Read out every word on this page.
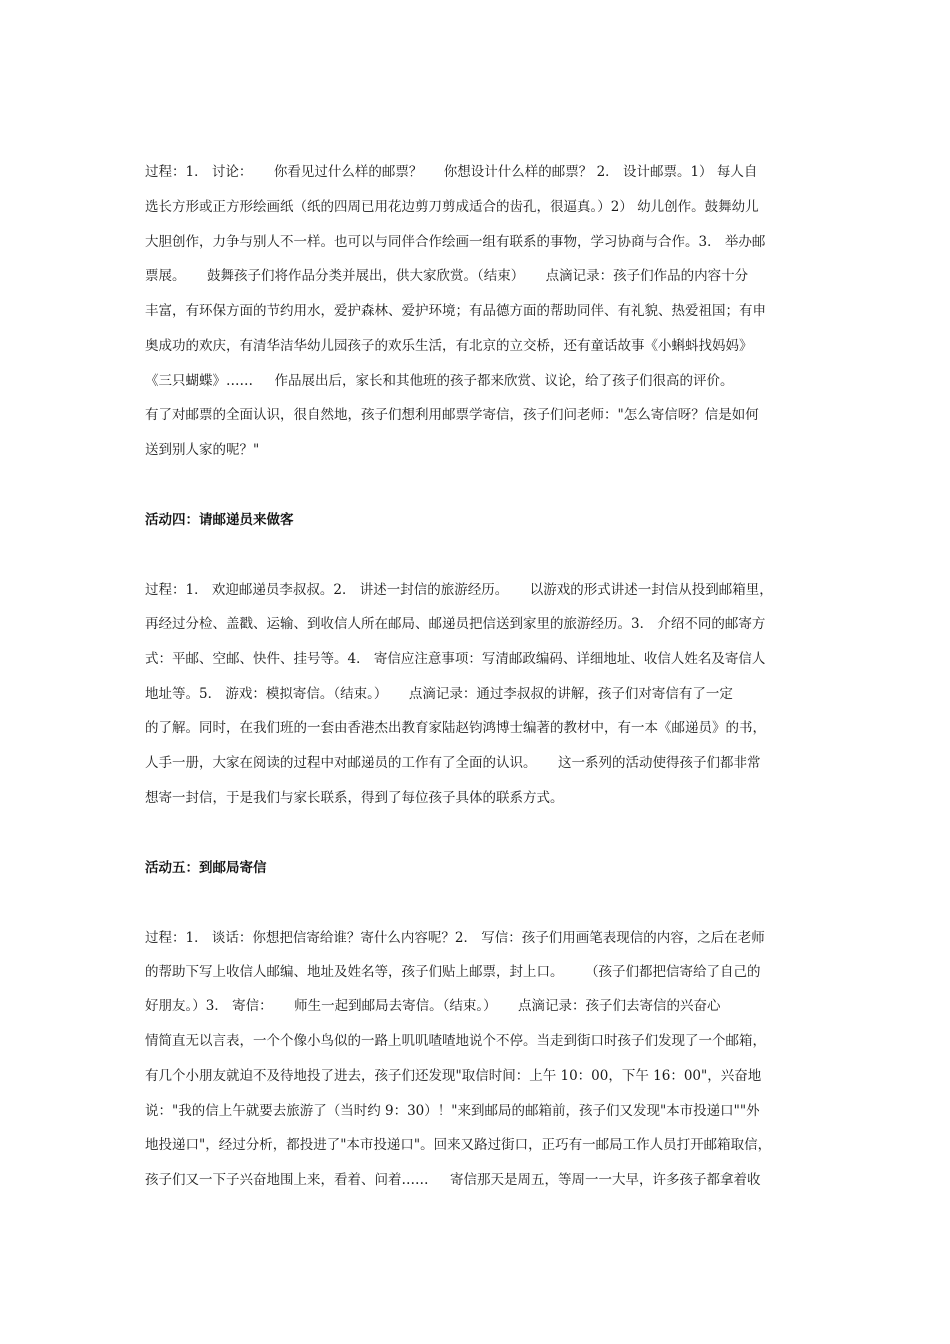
过程：1． 讨论：     你看见过什么样的邮票？     你想设计什么样的邮票？ 2． 设计邮票。1） 每人自
选长方形或正方形绘画纸（纸的四周已用花边剪刀剪成适合的齿孔，很逼真。）2） 幼儿创作。鼓舞幼儿
大胆创作，力争与别人不一样。也可以与同伴合作绘画一组有联系的事物，学习协商与合作。3． 举办邮
票展。     鼓舞孩子们将作品分类并展出，供大家欣赏。（结束）     点滴记录：孩子们作品的内容十分
丰富，有环保方面的节约用水，爱护森林、爱护环境；有品德方面的帮助同伴、有礼貌、热爱祖国；有申
奥成功的欢庆，有清华洁华幼儿园孩子的欢乐生活，有北京的立交桥，还有童话故事《小蝌蚪找妈妈》
《三只蝴蝶》……     作品展出后，家长和其他班的孩子都来欣赏、议论，给了孩子们很高的评价。
有了对邮票的全面认识，很自然地，孩子们想利用邮票学寄信，孩子们问老师："怎么寄信呀？信是如何
送到别人家的呢？"
活动四：请邮递员来做客
过程：1． 欢迎邮递员李叔叔。2． 讲述一封信的旅游经历。     以游戏的形式讲述一封信从投到邮箱里，
再经过分检、盖戳、运输、到收信人所在邮局、邮递员把信送到家里的旅游经历。3． 介绍不同的邮寄方
式：平邮、空邮、快件、挂号等。4． 寄信应注意事项：写清邮政编码、详细地址、收信人姓名及寄信人
地址等。5． 游戏：模拟寄信。（结束。）     点滴记录：通过李叔叔的讲解，孩子们对寄信有了一定
的了解。同时，在我们班的一套由香港杰出教育家陆赵钧鸿博士编著的教材中，有一本《邮递员》的书，
人手一册，大家在阅读的过程中对邮递员的工作有了全面的认识。     这一系列的活动使得孩子们都非常
想寄一封信，于是我们与家长联系，得到了每位孩子具体的联系方式。
活动五：到邮局寄信
过程：1． 谈话：你想把信寄给谁？寄什么内容呢？2． 写信：孩子们用画笔表现信的内容，之后在老师
的帮助下写上收信人邮编、地址及姓名等，孩子们贴上邮票，封上口。     （孩子们都把信寄给了自己的
好朋友。）3． 寄信：     师生一起到邮局去寄信。（结束。）     点滴记录：孩子们去寄信的兴奋心
情简直无以言表，一个个像小鸟似的一路上叽叽喳喳地说个不停。当走到街口时孩子们发现了一个邮箱，
有几个小朋友就迫不及待地投了进去，孩子们还发现"取信时间：上午 10：00，下午 16：00"，兴奋地
说："我的信上午就要去旅游了（当时约 9：30）！"来到邮局的邮箱前，孩子们又发现"本市投递口""外
地投递口"，经过分析，都投进了"本市投递口"。回来又路过街口，正巧有一邮局工作人员打开邮箱取信，
孩子们又一下子兴奋地围上来，看着、问着……     寄信那天是周五，等周一一大早，许多孩子都拿着收
